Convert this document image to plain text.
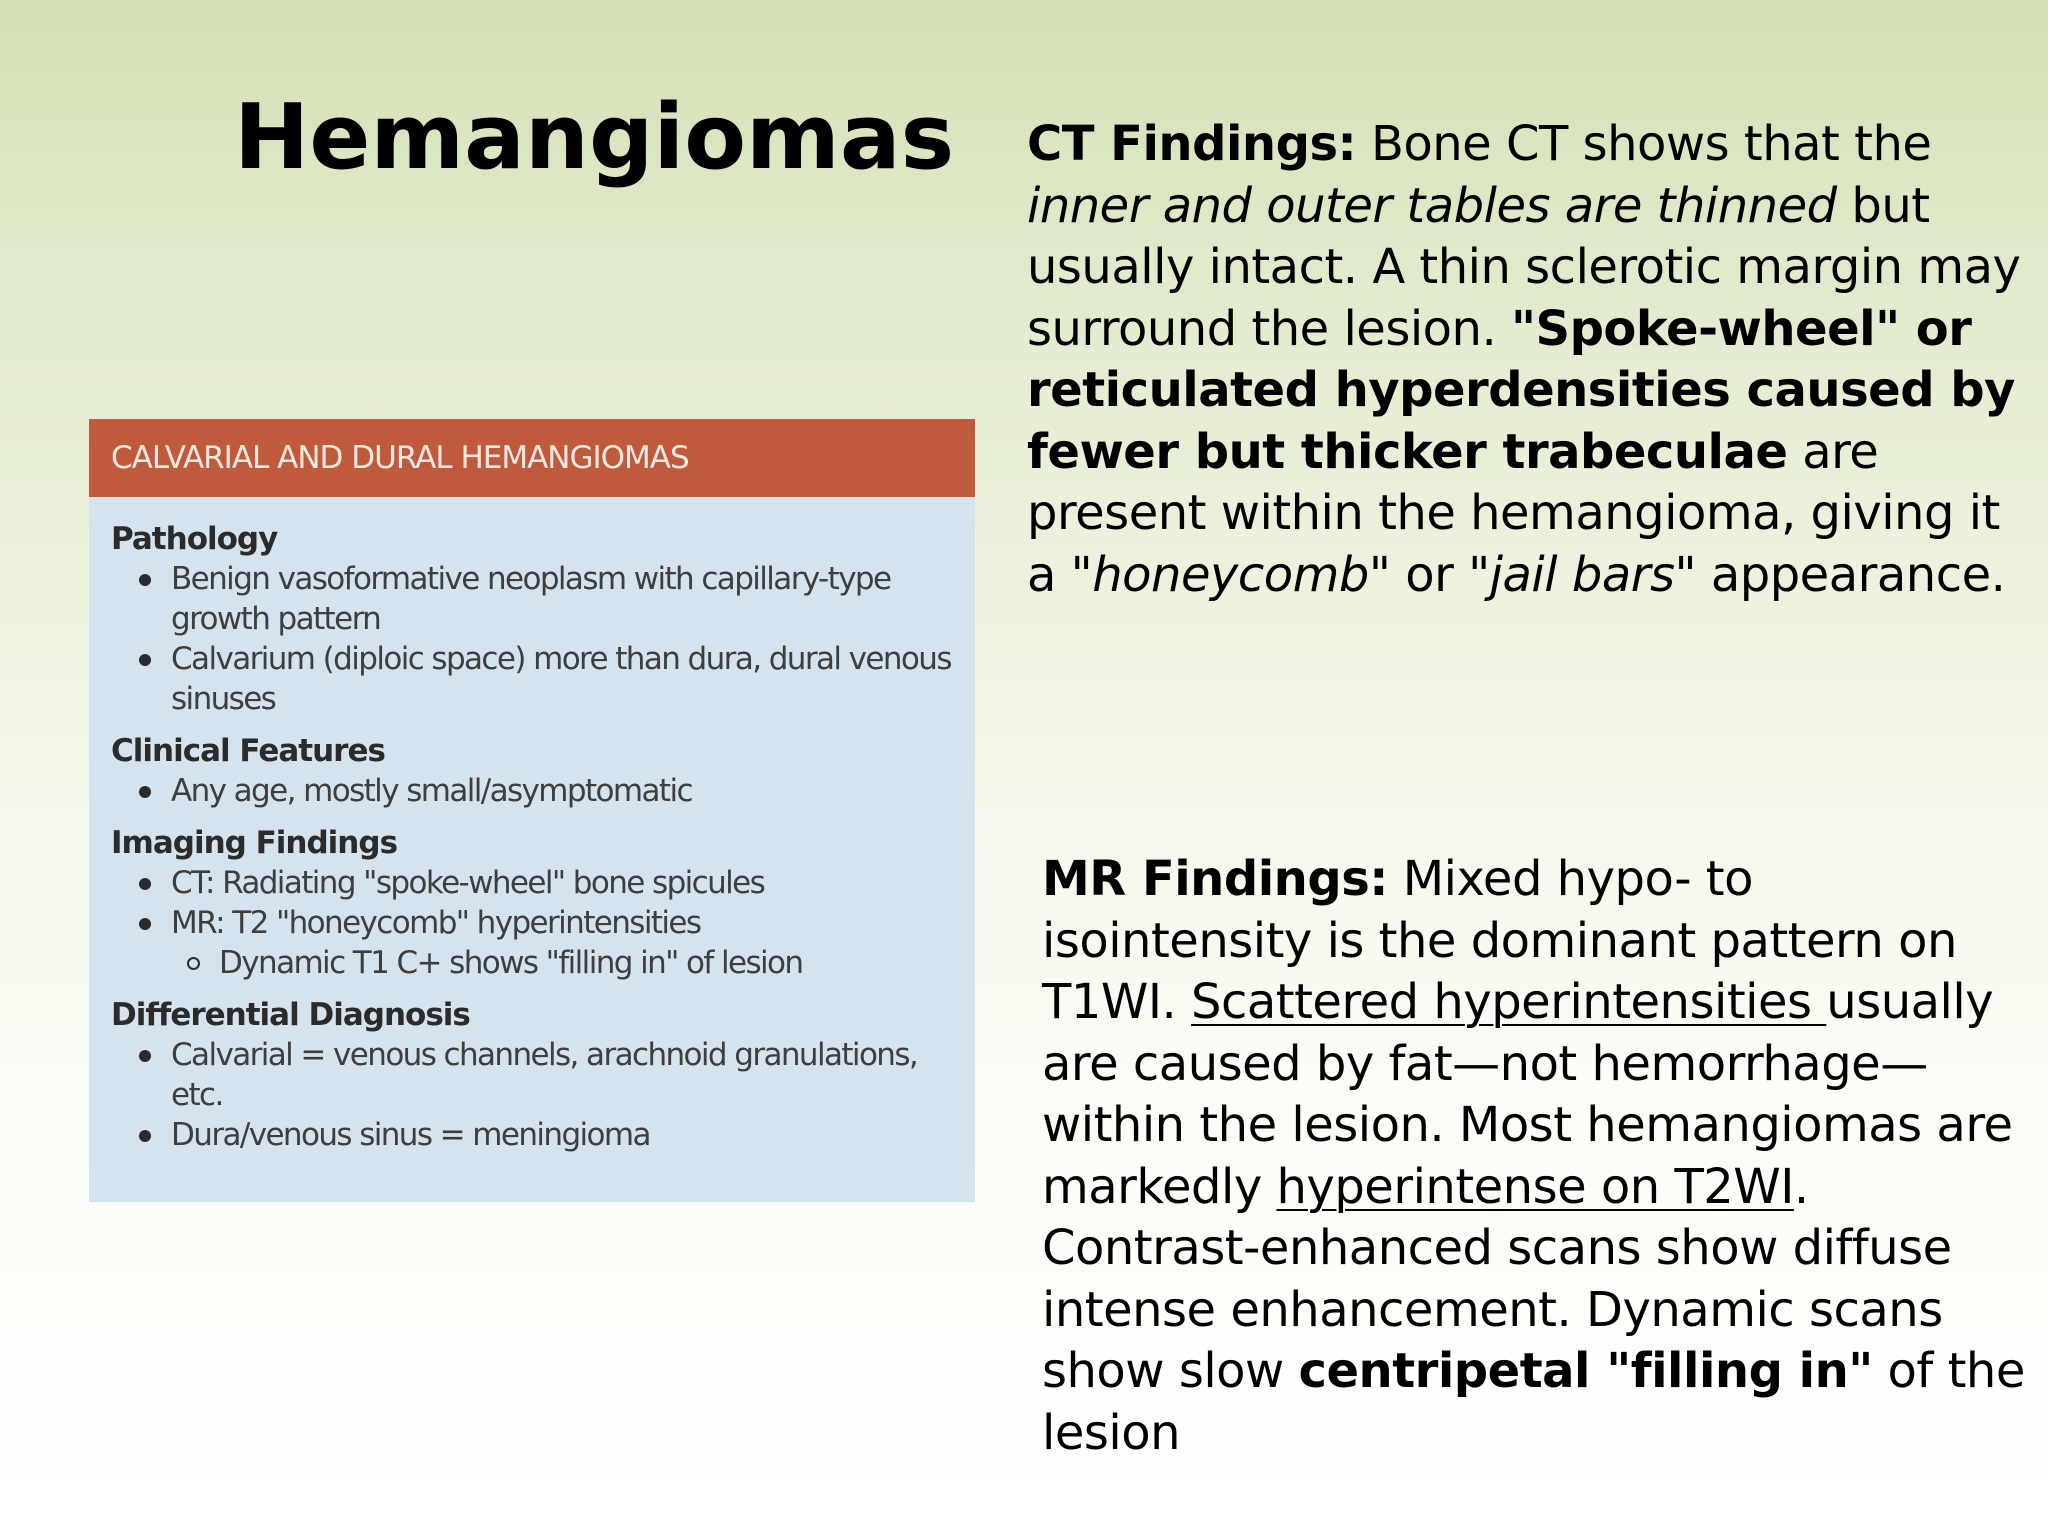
Hemangiomas
CALVARIAL AND DURAL HEMANGIOMAS

Pathology

Benign vasoformative neoplasm with capillary-type growth pattern
Calvarium (diploic space) more than dura, dural venous sinuses

Clinical Features

Any age, mostly small/asymptomatic

Imaging Findings

CT: Radiating "spoke-wheel" bone spicules
MR: T2 "honeycomb" hyperintensities
Dynamic T1 C+ shows "filling in" of lesion

Differential Diagnosis

Calvarial = venous channels, arachnoid granulations, etc.
Dura/venous sinus = meningioma

CT Findings: Bone CT shows that the inner and outer tables are thinned but usually intact. A thin sclerotic margin may surround the lesion. "Spoke-wheel" or reticulated hyperdensities caused by fewer but thicker trabeculae are present within the hemangioma, giving it a "honeycomb" or "jail bars" appearance.

MR Findings: Mixed hypo- to isointensity is the dominant pattern on T1WI. Scattered hyperintensities usually are caused by fat—not hemorrhage—within the lesion. Most hemangiomas are markedly hyperintense on T2WI. Contrast-enhanced scans show diffuse intense enhancement. Dynamic scans show slow centripetal "filling in" of the lesion
